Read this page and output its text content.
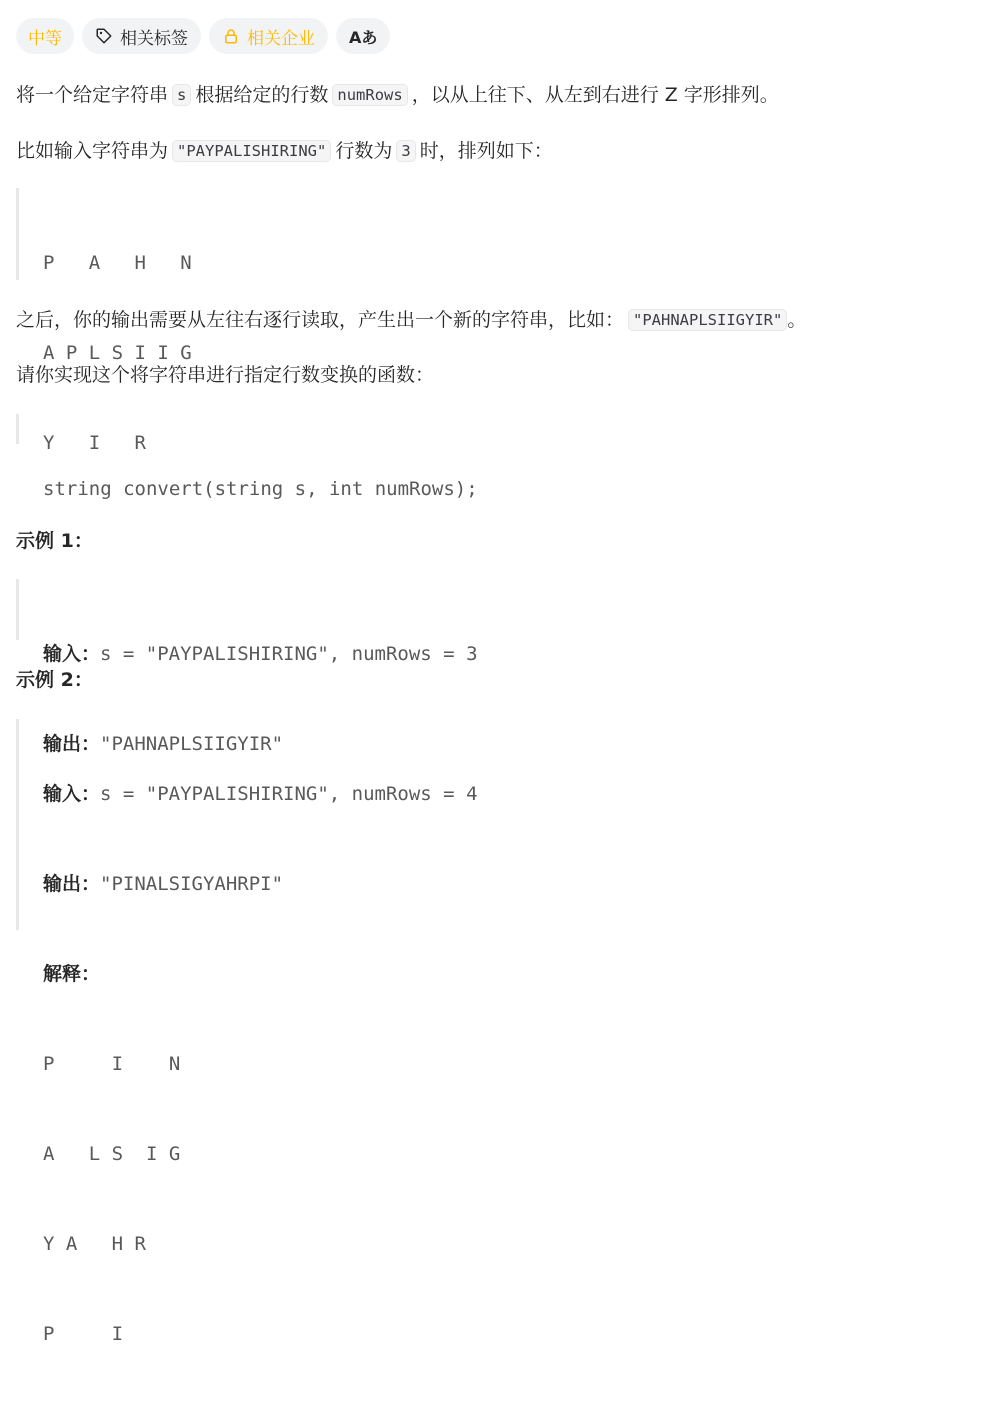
中等	相关标签	相关企业 Aあ
将一个给定字符串 s 根据给定的行数 numRows ，以从上往下、从左到右进行 Z 字形排列。
比如输入字符串为 "PAYPALISHIRING" 行数为 3 时，排列如下：

P   A   H   N

A P L S I I G

Y   I   R

之后，你的输出需要从左往右逐行读取，产生出一个新的字符串，比如： "PAHNAPLSIIGYIR" 。
请你实现这个将字符串进行指定行数变换的函数：

string convert(string s, int numRows);

示例 1：

输入：s = "PAYPALISHIRING", numRows = 3

输出："PAHNAPLSIIGYIR"

示例 2：

输入：s = "PAYPALISHIRING", numRows = 4

输出："PINALSIGYAHRPI"

解释：

P     I    N

A   L S  I G

Y A   H R

P     I
